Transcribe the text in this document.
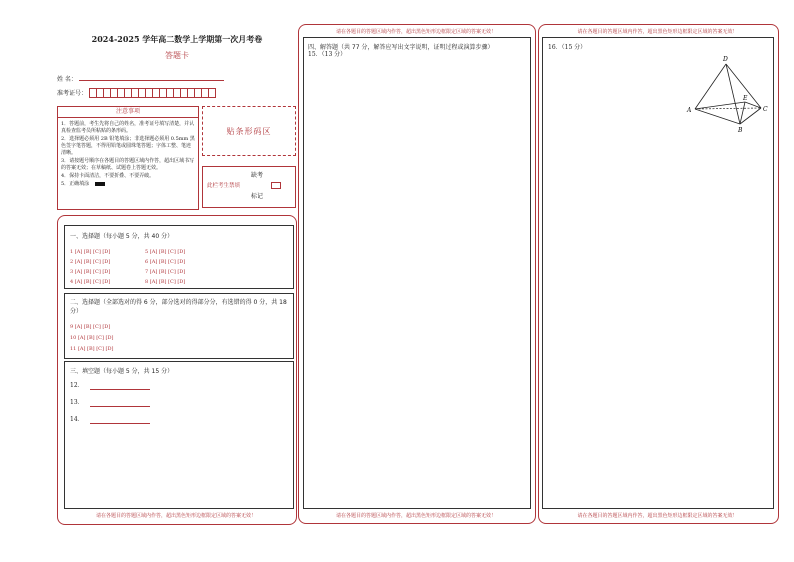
2024-2025 学年高二数学上学期第一次月考卷
答题卡
姓 名：
准考证号：
注意事项
1．答题前，考生先将自己的姓名，准考证号填写清楚，并认真检查监考员所粘贴的条形码。
2．选择题必须用 2B 铅笔填涂；非选择题必须用 0.5mm 黑色签字笔答题，不得用铅笔或圆珠笔答题；字体工整、笔迹清晰。
3．请按题号顺序在各题目的答题区域内作答，超出区域书写的答案无效；在草稿纸、试题卷上答题无效。
4．保持卡面清洁，不要折叠、不要弄破。
5．正确填涂
贴条形码区
缺考
此栏考生禁填
标记
一、选择题（每小题 5 分，共 40 分）
1 [A] [B] [C] [D]
2 [A] [B] [C] [D]
3 [A] [B] [C] [D]
4 [A] [B] [C] [D]
5 [A] [B] [C] [D]
6 [A] [B] [C] [D]
7 [A] [B] [C] [D]
8 [A] [B] [C] [D]
二、选择题（全部选对的得 6 分，部分选对的得部分分，有选错的得 0 分，共 18 分）
9 [A] [B] [C] [D]
10 [A] [B] [C] [D]
11 [A] [B] [C] [D]
三、填空题（每小题 5 分，共 15 分）
12．
13．
14．
请在各题目的答题区域内作答，超出黑色矩形边框限定区域的答案无效！
请在各题目的答题区域内作答，超出黑色矩形边框限定区域的答案无效！
四、解答题（共 77 分，解答应写出文字说明，证明过程或演算步骤）
15．（13 分）
请在各题目的答题区域内作答，超出黑色矩形边框限定区域的答案无效！
请在各题目的答题区域内作答，超出黑色矩形边框限定区域的答案无效！
16．（15 分）
D
A
E
C
B
请在各题目的答题区域内作答，超出黑色矩形边框限定区域的答案无效！
